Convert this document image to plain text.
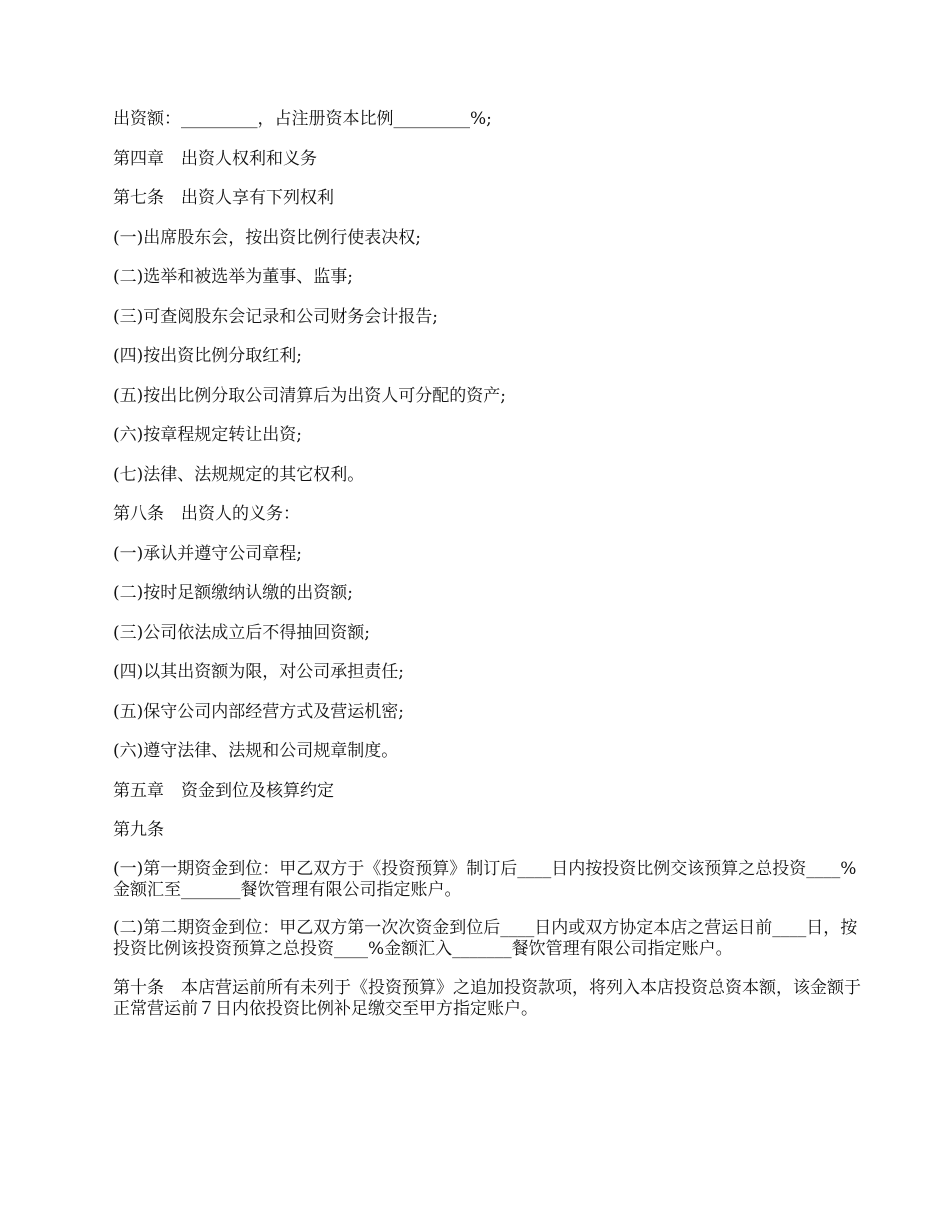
出资额：_________，占注册资本比例_________%;

第四章　出资人权利和义务

第七条　出资人享有下列权利

(一)出席股东会，按出资比例行使表决权;

(二)选举和被选举为董事、监事;

(三)可查阅股东会记录和公司财务会计报告;

(四)按出资比例分取红利;

(五)按出比例分取公司清算后为出资人可分配的资产;

(六)按章程规定转让出资;

(七)法律、法规规定的其它权利。

第八条　出资人的义务：

(一)承认并遵守公司章程;

(二)按时足额缴纳认缴的出资额;

(三)公司依法成立后不得抽回资额;

(四)以其出资额为限，对公司承担责任;

(五)保守公司内部经营方式及营运机密;

(六)遵守法律、法规和公司规章制度。

第五章　资金到位及核算约定

第九条

(一)第一期资金到位：甲乙双方于《投资预算》制订后____日内按投资比例交该预算之总投资____%金额汇至_______餐饮管理有限公司指定账户。

(二)第二期资金到位：甲乙双方第一次次资金到位后____日内或双方协定本店之营运日前____日，按投资比例该投资预算之总投资____%金额汇入_______餐饮管理有限公司指定账户。

第十条　本店营运前所有未列于《投资预算》之追加投资款项，将列入本店投资总资本额，该金额于正常营运前７日内依投资比例补足缴交至甲方指定账户。
